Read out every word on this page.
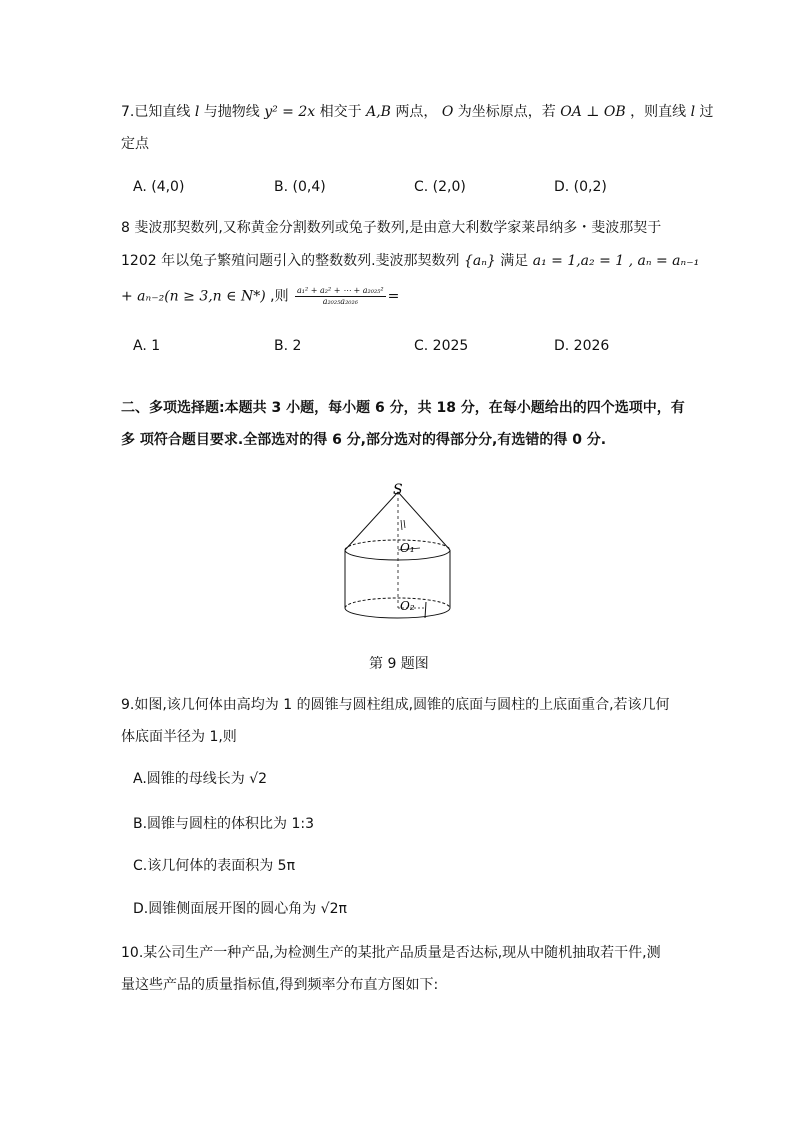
7.已知直线 l 与抛物线 y² = 2x 相交于 A,B 两点， O 为坐标原点，若 OA ⊥ OB ，则直线 l 过
定点
A. (4,0)	B. (0,4)	C. (2,0)	D. (0,2)
8 斐波那契数列,又称黄金分割数列或兔子数列,是由意大利数学家莱昂纳多・斐波那契于
1202 年以兔子繁殖问题引入的整数数列.斐波那契数列 {aₙ} 满足 a₁ = 1,a₂ = 1 , aₙ = aₙ₋₁
+ aₙ₋₂(n ≥ 3,n ∈ N*) ,则 $\frac{\text{a₁² + a₂² + ⋯ + a₂₀₂₅²}}{\text{a₂₀₂₅a₂₀₂₆}}$ =
A. 1	B. 2	C. 2025	D. 2026
二、多项选择题:本题共 3 小题，每小题 6 分，共 18 分，在每小题给出的四个选项中，有
多 项符合题目要求.全部选对的得 6 分,部分选对的得部分分,有选错的得 0 分.
S
O₁
O₂
第 9 题图
9.如图,该几何体由高均为 1 的圆锥与圆柱组成,圆锥的底面与圆柱的上底面重合,若该几何
体底面半径为 1,则
A.圆锥的母线长为 √2
B.圆锥与圆柱的体积比为 1:3
C.该几何体的表面积为 5π
D.圆锥侧面展开图的圆心角为 √2π
10.某公司生产一种产品,为检测生产的某批产品质量是否达标,现从中随机抽取若干件,测
量这些产品的质量指标值,得到频率分布直方图如下:
